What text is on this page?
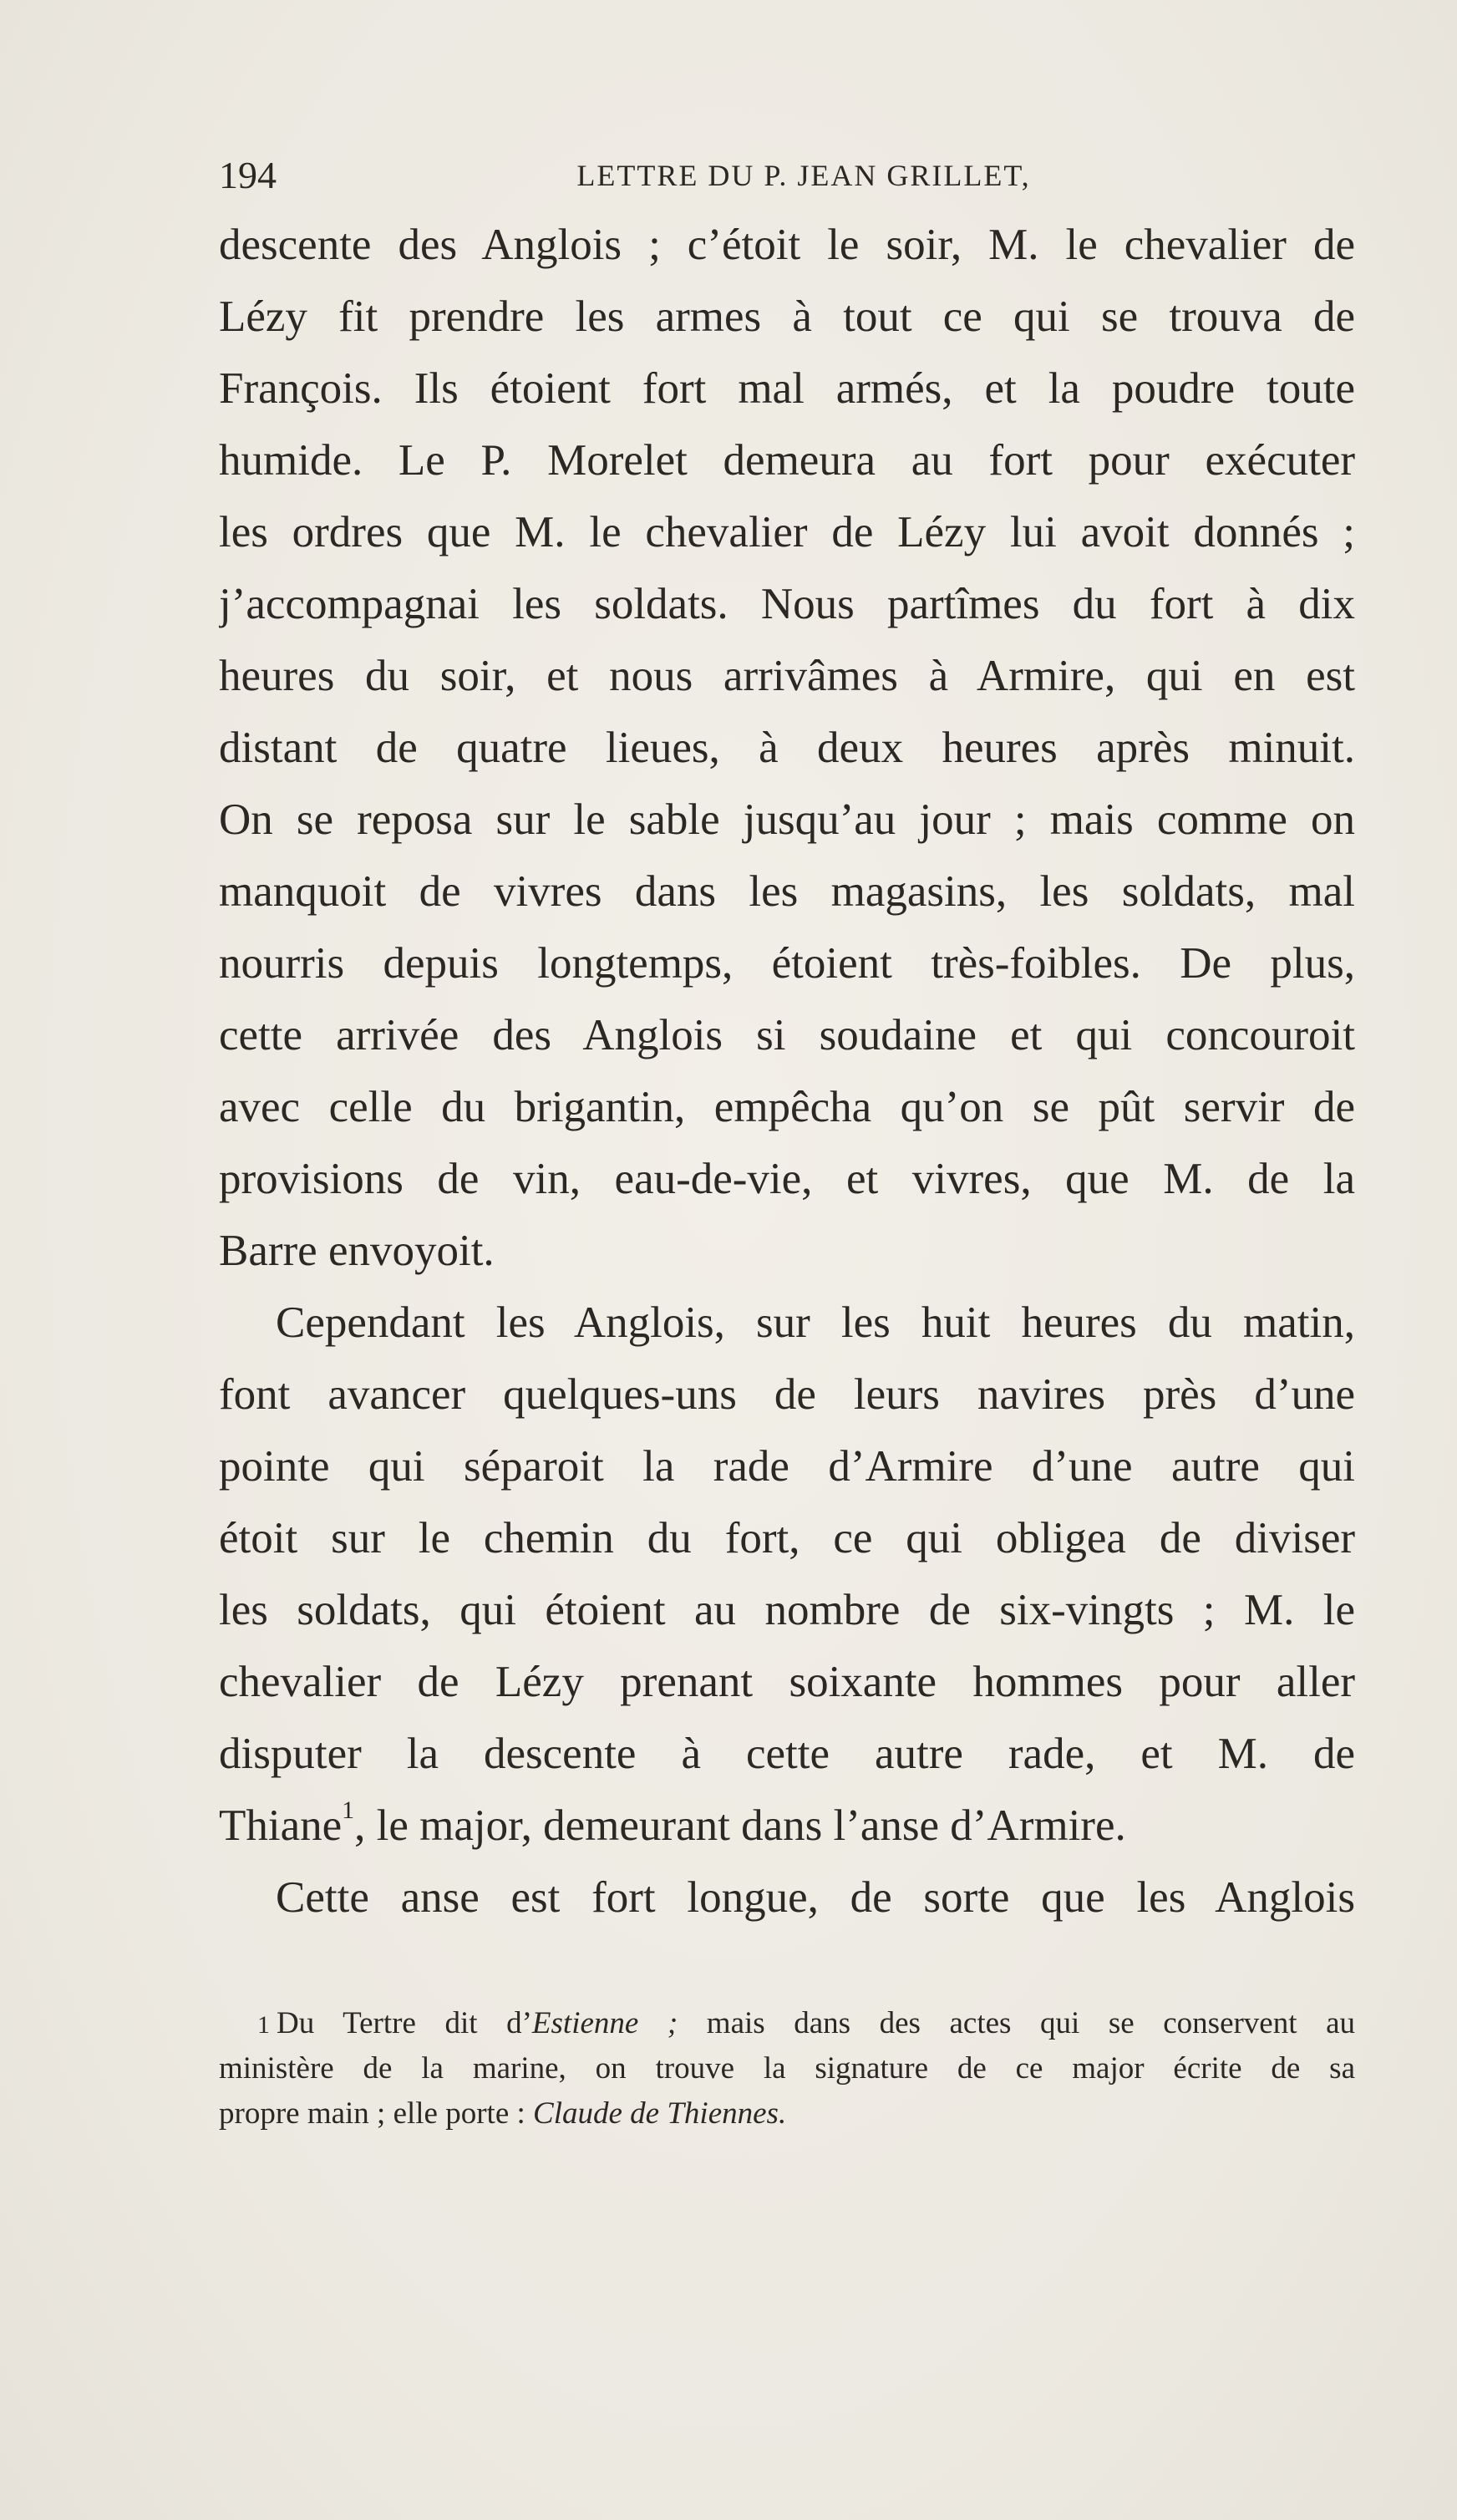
LETTRE DU P. JEAN GRILLET,
194
descente des Anglois ; c’étoit le soir, M. le chevalier de
Lézy fit prendre les armes à tout ce qui se trouva de
François. Ils étoient fort mal armés, et la poudre toute
humide. Le P. Morelet demeura au fort pour exécuter
les ordres que M. le chevalier de Lézy lui avoit donnés ;
j’accompagnai les soldats. Nous partîmes du fort à dix
heures du soir, et nous arrivâmes à Armire, qui en est
distant de quatre lieues, à deux heures après minuit.
On se reposa sur le sable jusqu’au jour ; mais comme on
manquoit de vivres dans les magasins, les soldats, mal
nourris depuis longtemps, étoient très-foibles. De plus,
cette arrivée des Anglois si soudaine et qui concouroit
avec celle du brigantin, empêcha qu’on se pût servir de
provisions de vin, eau-de-vie, et vivres, que M. de la
Barre envoyoit.
Cependant les Anglois, sur les huit heures du matin,
font avancer quelques-uns de leurs navires près d’une
pointe qui séparoit la rade d’Armire d’une autre qui
étoit sur le chemin du fort, ce qui obligea de diviser
les soldats, qui étoient au nombre de six-vingts ; M. le
chevalier de Lézy prenant soixante hommes pour aller
disputer la descente à cette autre rade, et M. de
Thiane$^1$, le major, demeurant dans l’anse d’Armire.
Cette anse est fort longue, de sorte que les Anglois
1 Du Tertre dit d’Estienne ; mais dans des actes qui se conservent au
ministère de la marine, on trouve la signature de ce major écrite de sa
propre main ; elle porte : Claude de Thiennes.
